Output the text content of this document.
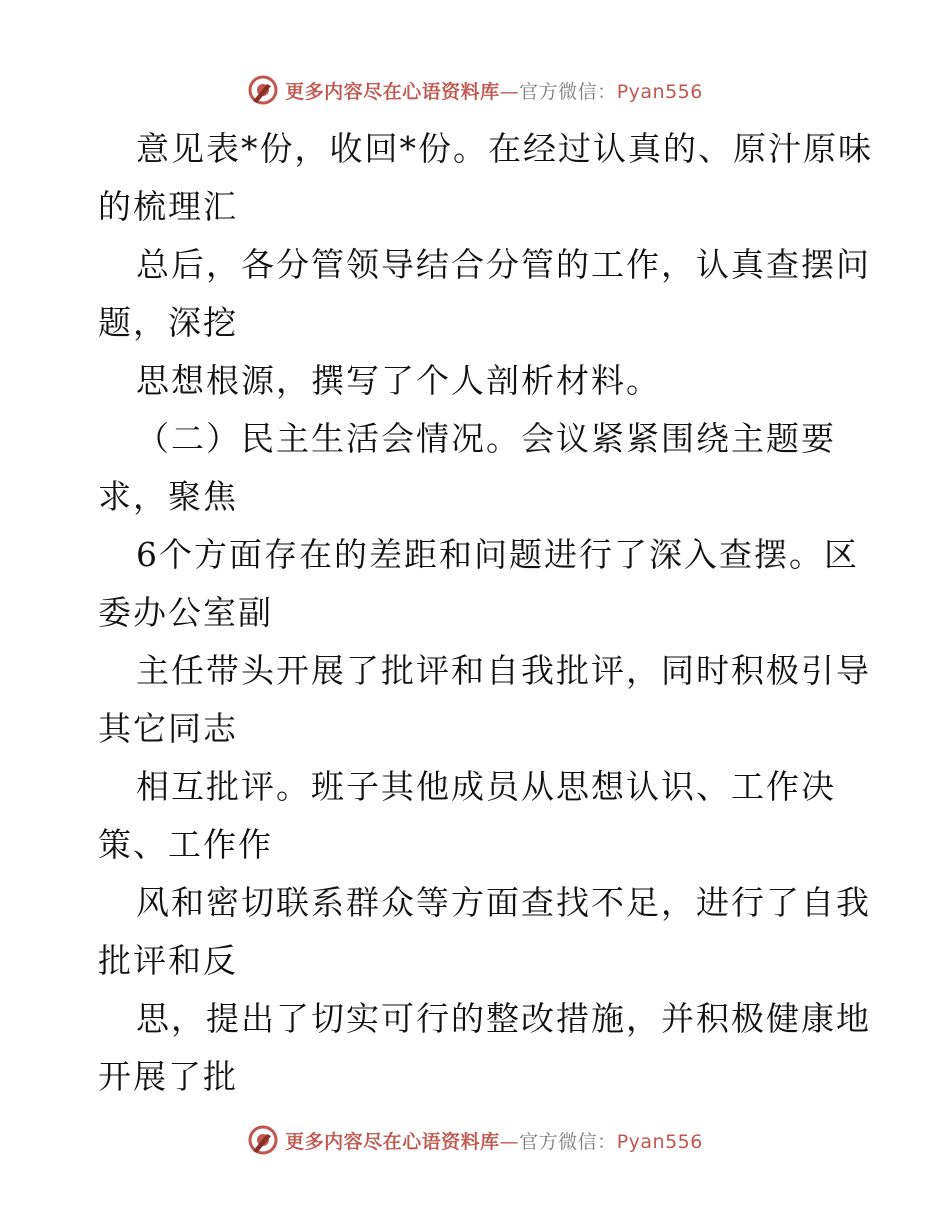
更多内容尽在心语资料库—官方微信：Pyan556

意见表*份，收回*份。在经过认真的、原汁原味
的梳理汇

总后，各分管领导结合分管的工作，认真查摆问
题，深挖

思想根源，撰写了个人剖析材料。

（二）民主生活会情况。会议紧紧围绕主题要
求，聚焦

6个方面存在的差距和问题进行了深入查摆。区
委办公室副

主任带头开展了批评和自我批评，同时积极引导
其它同志

相互批评。班子其他成员从思想认识、工作决
策、工作作

风和密切联系群众等方面查找不足，进行了自我
批评和反

思，提出了切实可行的整改措施，并积极健康地
开展了批

更多内容尽在心语资料库—官方微信：Pyan556
